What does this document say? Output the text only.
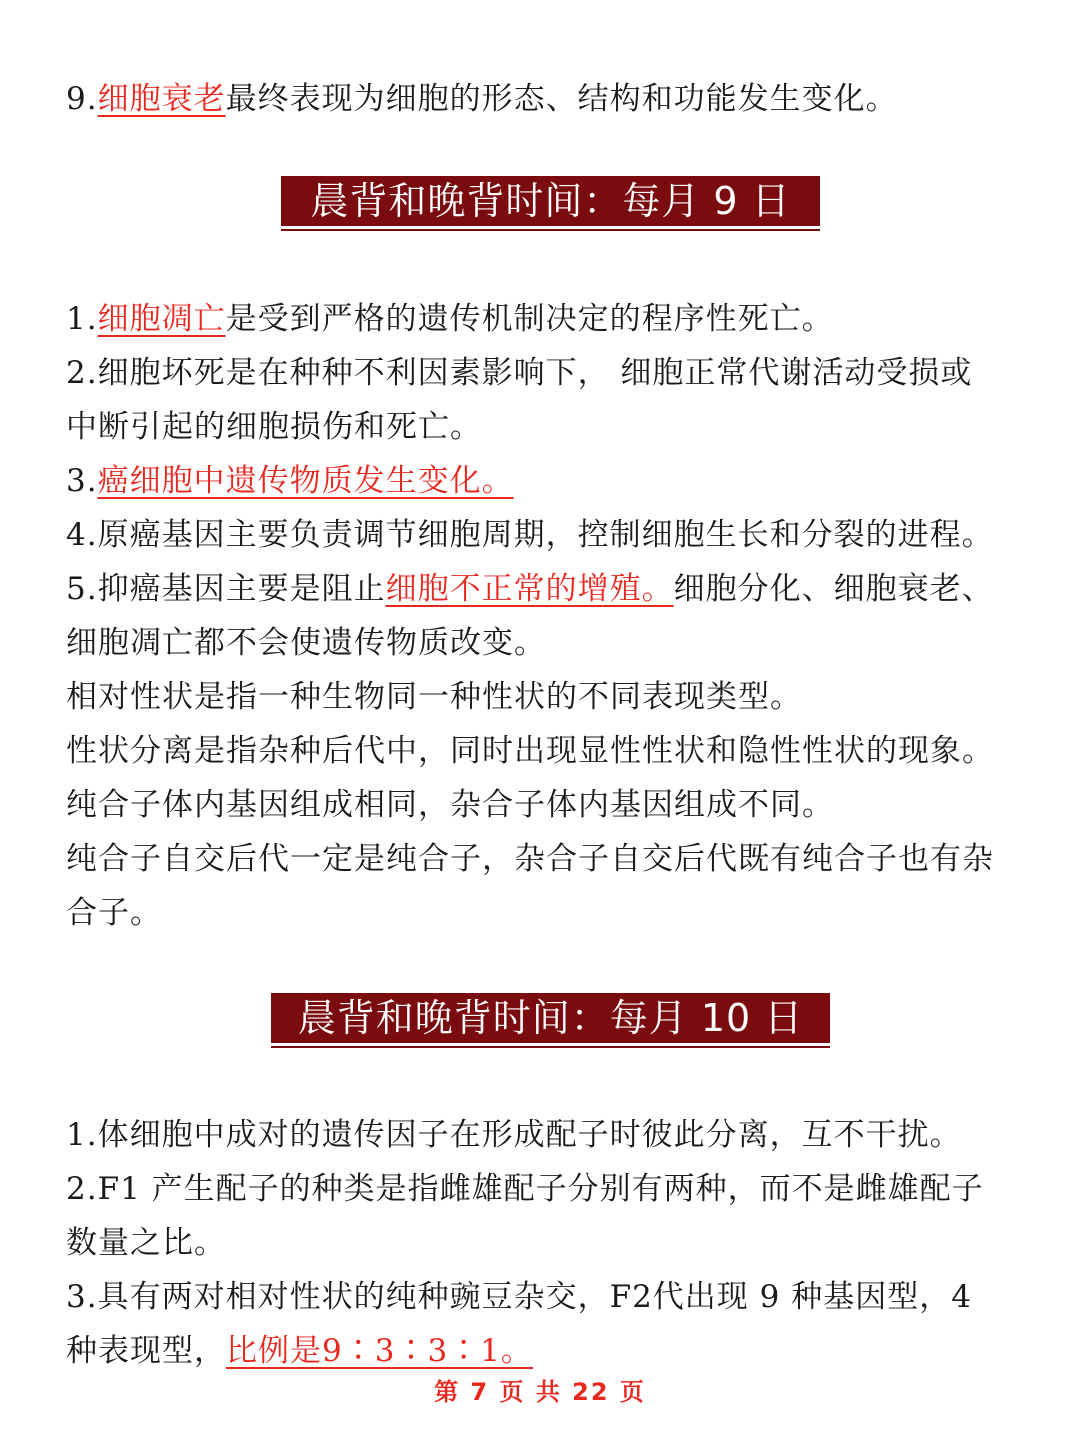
9.细胞衰老最终表现为细胞的形态、结构和功能发生变化。
晨背和晚背时间：每月 9 日
1.细胞凋亡是受到严格的遗传机制决定的程序性死亡。
2.细胞坏死是在种种不利因素影响下， 细胞正常代谢活动受损或
中断引起的细胞损伤和死亡。
3.癌细胞中遗传物质发生变化。
4.原癌基因主要负责调节细胞周期，控制细胞生长和分裂的进程。
5.抑癌基因主要是阻止细胞不正常的增殖。细胞分化、细胞衰老、
细胞凋亡都不会使遗传物质改变。
相对性状是指一种生物同一种性状的不同表现类型。
性状分离是指杂种后代中，同时出现显性性状和隐性性状的现象。
纯合子体内基因组成相同，杂合子体内基因组成不同。
纯合子自交后代一定是纯合子，杂合子自交后代既有纯合子也有杂
合子。
晨背和晚背时间：每月 10 日
1.体细胞中成对的遗传因子在形成配子时彼此分离，互不干扰。
2.F1 产生配子的种类是指雌雄配子分别有两种，而不是雌雄配子
数量之比。
3.具有两对相对性状的纯种豌豆杂交，F2代出现 9 种基因型，4
种表现型，比例是9∶3∶3∶1。
第 7 页 共 22 页
